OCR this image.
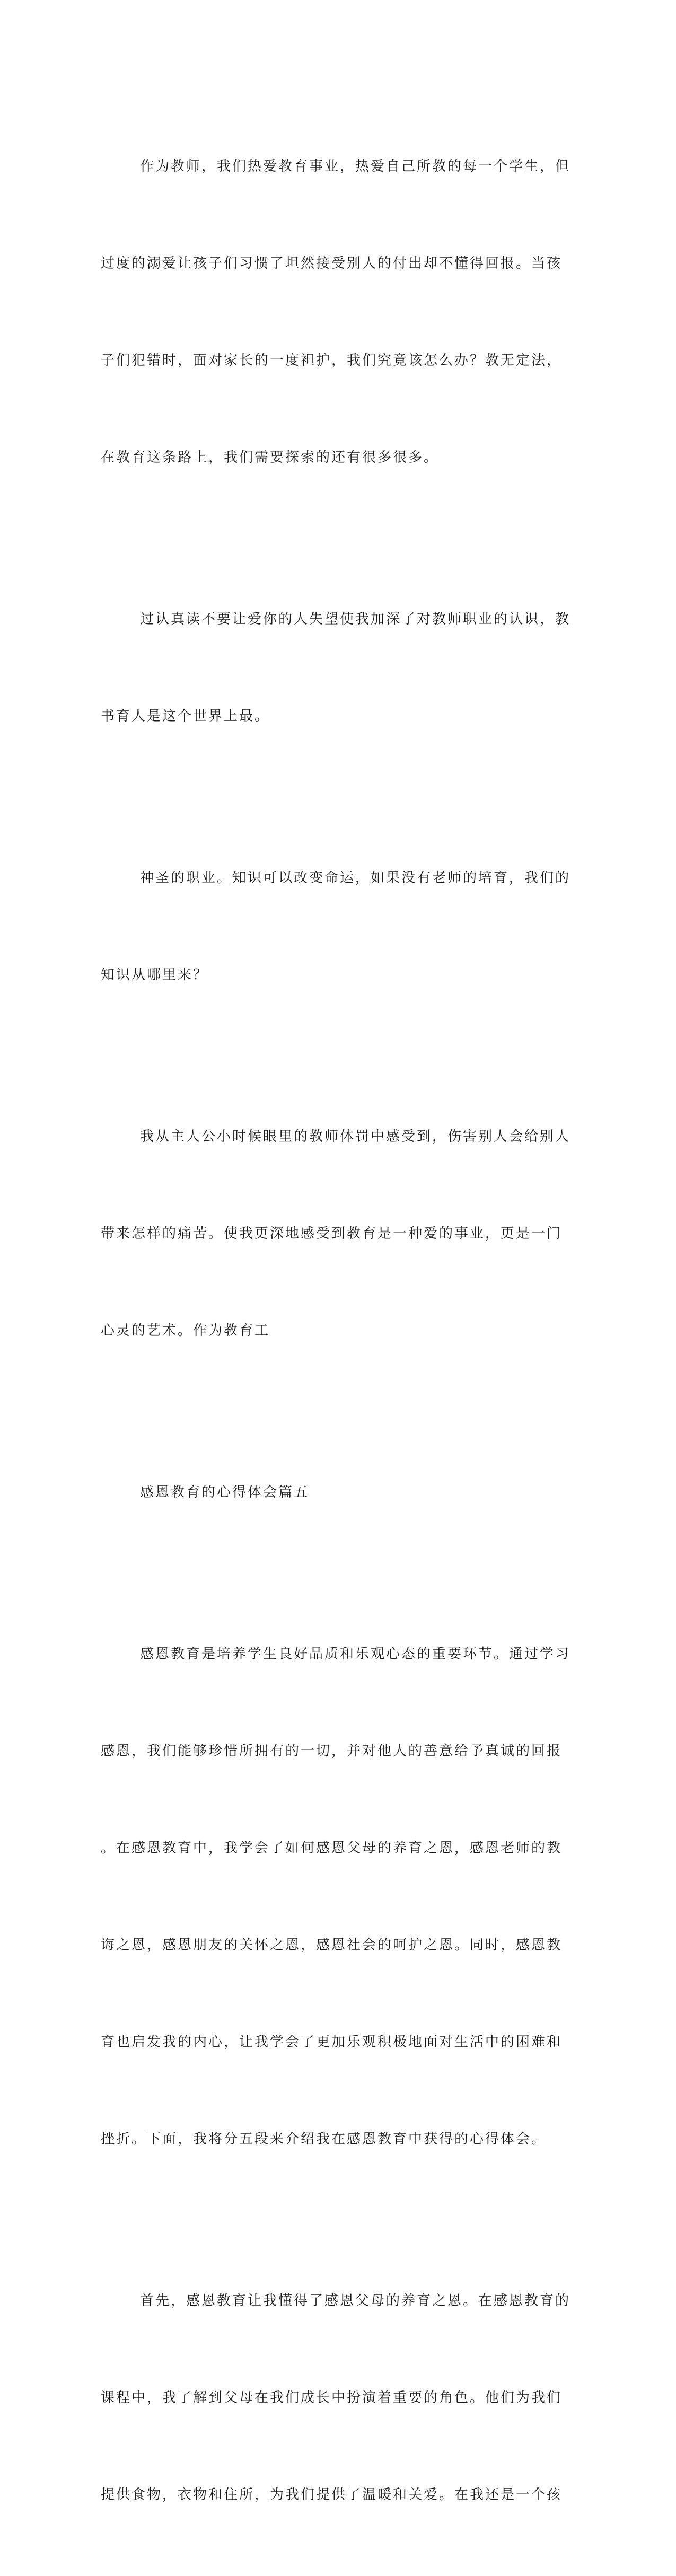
作为教师，我们热爱教育事业，热爱自己所教的每一个学生，但

过度的溺爱让孩子们习惯了坦然接受别人的付出却不懂得回报。当孩

子们犯错时，面对家长的一度袒护，我们究竟该怎么办？教无定法，

在教育这条路上，我们需要探索的还有很多很多。

过认真读不要让爱你的人失望使我加深了对教师职业的认识，教

书育人是这个世界上最。

神圣的职业。知识可以改变命运，如果没有老师的培育，我们的

知识从哪里来？

我从主人公小时候眼里的教师体罚中感受到，伤害别人会给别人

带来怎样的痛苦。使我更深地感受到教育是一种爱的事业，更是一门

心灵的艺术。作为教育工

感恩教育的心得体会篇五

感恩教育是培养学生良好品质和乐观心态的重要环节。通过学习

感恩，我们能够珍惜所拥有的一切，并对他人的善意给予真诚的回报

。在感恩教育中，我学会了如何感恩父母的养育之恩，感恩老师的教

诲之恩，感恩朋友的关怀之恩，感恩社会的呵护之恩。同时，感恩教

育也启发我的内心，让我学会了更加乐观积极地面对生活中的困难和

挫折。下面，我将分五段来介绍我在感恩教育中获得的心得体会。

首先，感恩教育让我懂得了感恩父母的养育之恩。在感恩教育的

课程中，我了解到父母在我们成长中扮演着重要的角色。他们为我们

提供食物，衣物和住所，为我们提供了温暖和关爱。在我还是一个孩
